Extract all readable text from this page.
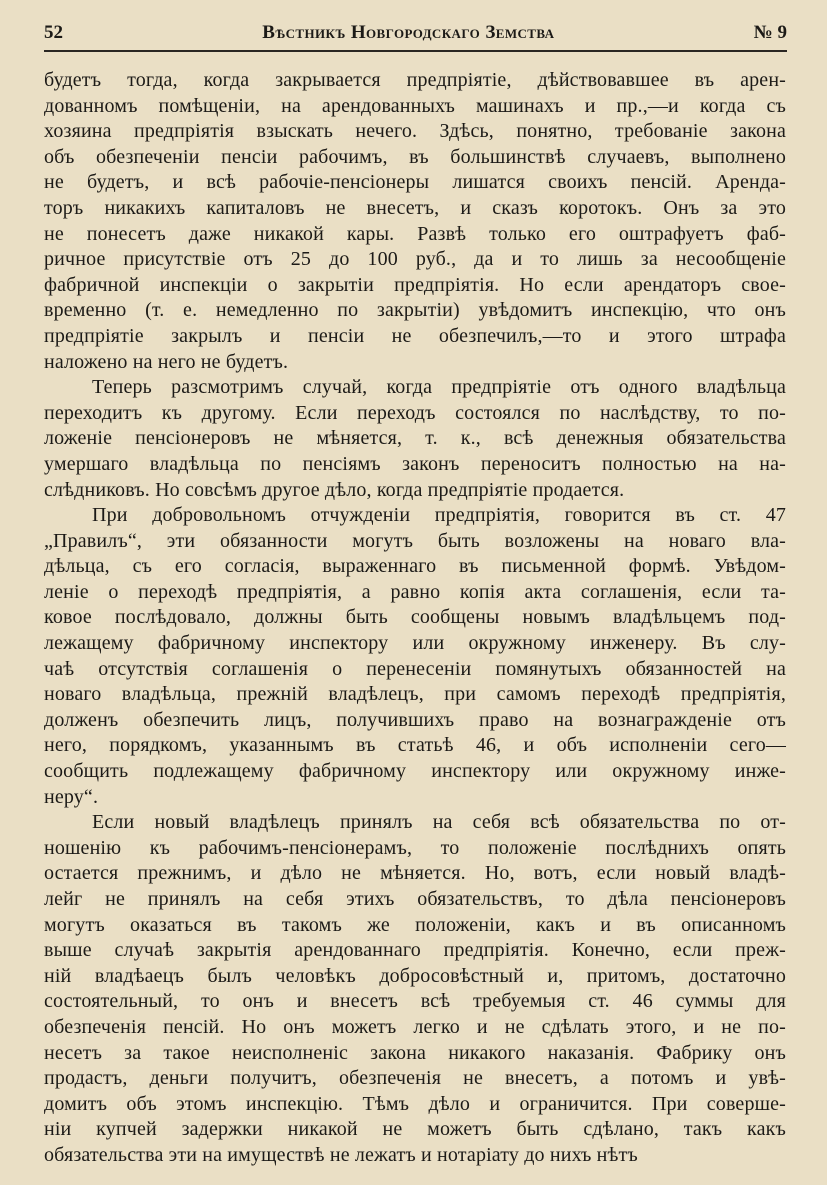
52	Вѣстникъ Новгородскаго Земства	№ 9
будетъ тогда, когда закрывается предпріятіе, дѣйствовавшее въ арен-
дованномъ помѣщеніи, на арендованныхъ машинахъ и пр.,—и когда съ
хозяина предпріятія взыскать нечего. Здѣсь, понятно, требованіе закона
объ обезпеченіи пенсіи рабочимъ, въ большинствѣ случаевъ, выполнено
не будетъ, и всѣ рабочіе-пенсіонеры лишатся своихъ пенсій. Арендa-
торъ никакихъ капиталовъ не внесетъ, и сказъ коротокъ. Онъ за это
не понесетъ даже никакой кары. Развѣ только его оштрафуетъ фаб-
ричное присутствіе отъ 25 до 100 руб., да и то лишь за несообщеніе
фабричной инспекціи о закрытіи предпріятія. Но если арендаторъ свое-
временно (т. е. немедленно по закрытіи) увѣдомитъ инспекцію, что онъ
предпріятіе закрылъ и пенсіи не обезпечилъ,—то и этого штрафа
наложено на него не будетъ.
Теперь разсмотримъ случай, когда предпріятіе отъ одного владѣльца
переходитъ къ другому. Если переходъ состоялся по наслѣдству, то по-
ложеніе пенсіонеровъ не мѣняется, т. к., всѣ денежныя обязательства
умершаго владѣльца по пенсіямъ законъ переноситъ полностью на на-
слѣдниковъ. Но совсѣмъ другое дѣло, когда предпріятіе продается.
При добровольномъ отчужденіи предпріятія, говорится въ ст. 47
„Правилъ“, эти обязанности могутъ быть возложены на новаго вла-
дѣльца, съ его согласія, выраженнаго въ письменной формѣ. Увѣдом-
леніе о переходѣ предпріятія, а равно копія акта соглашенія, если та-
ковое послѣдовало, должны быть сообщены новымъ владѣльцемъ под-
лежащему фабричному инспектору или окружному инженеру. Въ слу-
чаѣ отсутствія соглашенія о перенесеніи помянутыхъ обязанностей на
новаго владѣльца, прежній владѣлецъ, при самомъ переходѣ предпріятія,
долженъ обезпечить лицъ, получившихъ право на вознагражденіе отъ
него, порядкомъ, указаннымъ въ статьѣ 46, и объ исполненіи сего—
сообщить подлежащему фабричному инспектору или окружному инже-
неру“.
Если новый владѣлецъ принялъ на себя всѣ обязательства по от-
ношенію къ рабочимъ-пенсіонерамъ, то положеніе послѣднихъ опять
остается прежнимъ, и дѣло не мѣняется. Но, вотъ, если новый владѣ-
лейг не принялъ на себя этихъ обязательствъ, то дѣла пенсіонеровъ
могутъ оказаться въ такомъ же положеніи, какъ и въ описанномъ
выше случаѣ закрытія арендованнаго предпріятія. Конечно, если преж-
ній владѣаецъ былъ человѣкъ добросовѣстный и, притомъ, достаточно
состоятельный, то онъ и внесетъ всѣ требуемыя ст. 46 суммы для
обезпеченія пенсій. Но онъ можетъ легко и не сдѣлать этого, и не по-
несетъ за такое неисполненіс закона никакого наказанія. Фабрику онъ
продастъ, деньги получитъ, обезпеченія не внесетъ, а потомъ и увѣ-
домитъ объ этомъ инспекцію. Тѣмъ дѣло и ограничится. При соверше-
ніи купчей задержки никакой не можетъ быть сдѣлано, такъ какъ
обязательства эти на имуществѣ не лежатъ и нотаріату до нихъ нѣтъ
